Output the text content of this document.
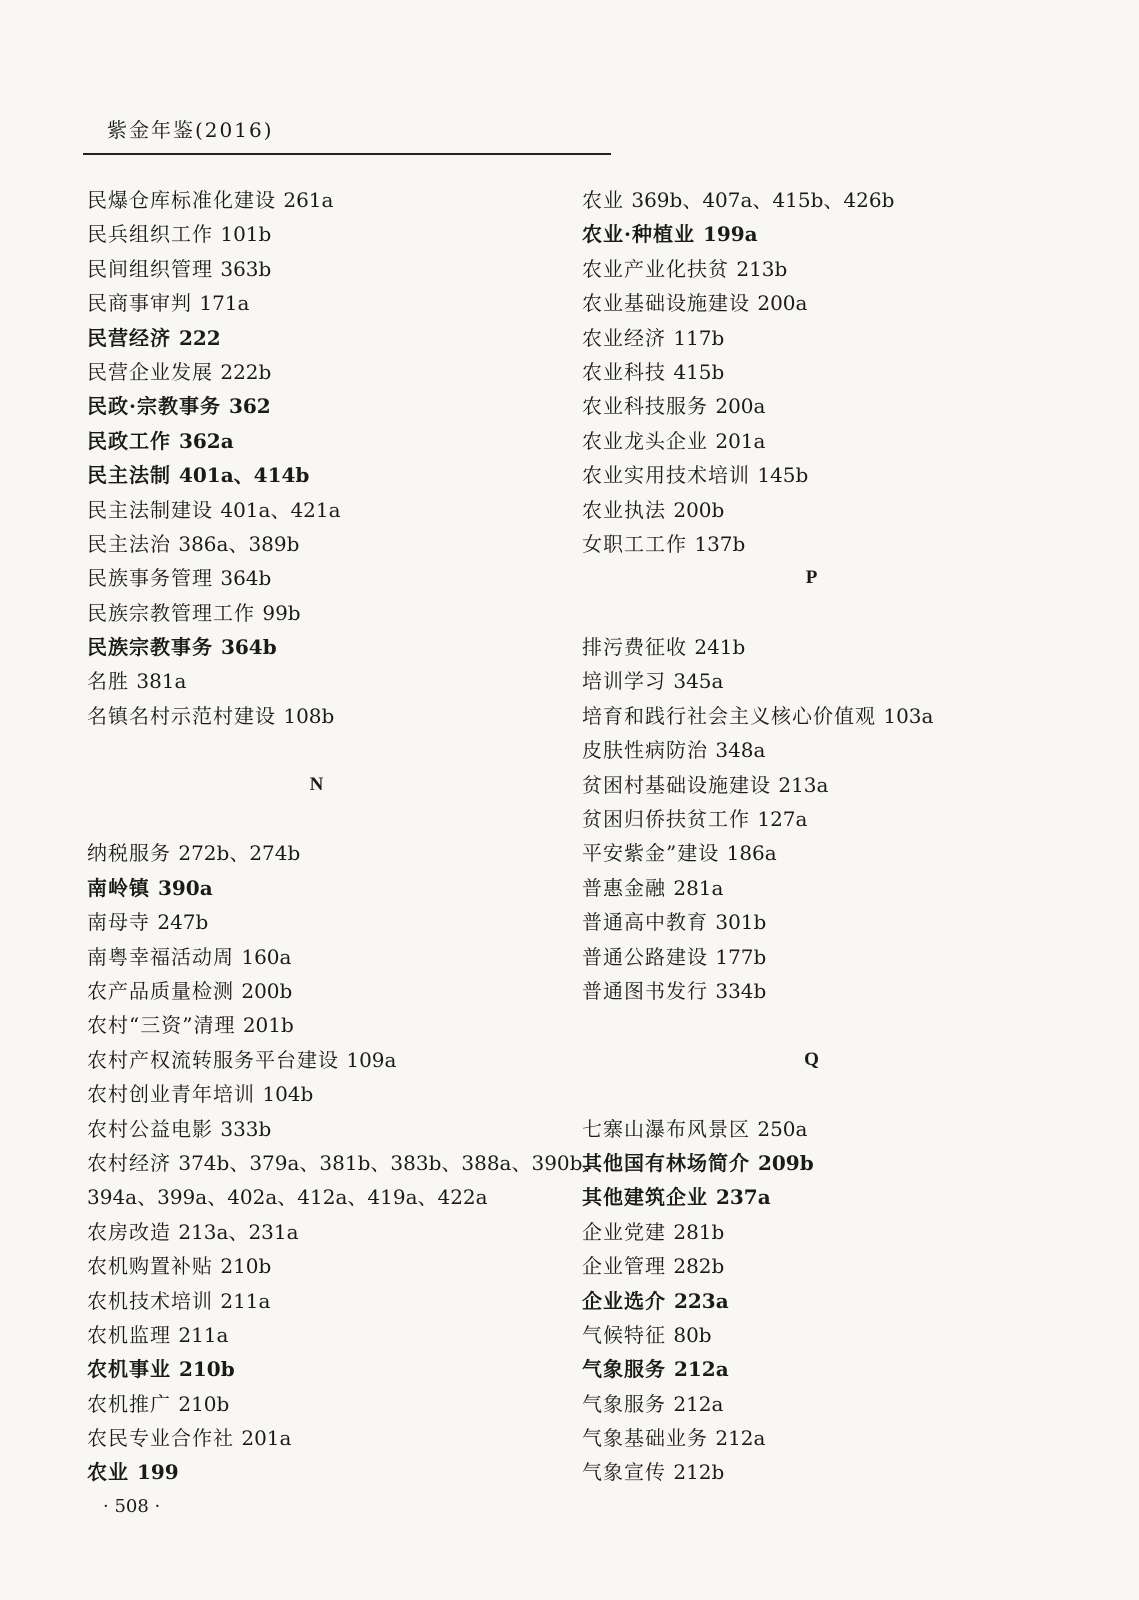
紫金年鉴(2016)
民爆仓库标准化建设 261a
民兵组织工作 101b
民间组织管理 363b
民商事审判 171a
民营经济 222
民营企业发展 222b
民政·宗教事务 362
民政工作 362a
民主法制 401a、414b
民主法制建设 401a、421a
民主法治 386a、389b
民族事务管理 364b
民族宗教管理工作 99b
民族宗教事务 364b
名胜 381a
名镇名村示范村建设 108b
N
纳税服务 272b、274b
南岭镇 390a
南母寺 247b
南粤幸福活动周 160a
农产品质量检测 200b
农村“三资”清理 201b
农村产权流转服务平台建设 109a
农村创业青年培训 104b
农村公益电影 333b
农村经济 374b、379a、381b、383b、388a、390b、
394a、399a、402a、412a、419a、422a
农房改造 213a、231a
农机购置补贴 210b
农机技术培训 211a
农机监理 211a
农机事业 210b
农机推广 210b
农民专业合作社 201a
农业 199
农业 369b、407a、415b、426b
农业·种植业 199a
农业产业化扶贫 213b
农业基础设施建设 200a
农业经济 117b
农业科技 415b
农业科技服务 200a
农业龙头企业 201a
农业实用技术培训 145b
农业执法 200b
女职工工作 137b
P
排污费征收 241b
培训学习 345a
培育和践行社会主义核心价值观 103a
皮肤性病防治 348a
贫困村基础设施建设 213a
贫困归侨扶贫工作 127a
平安紫金”建设 186a
普惠金融 281a
普通高中教育 301b
普通公路建设 177b
普通图书发行 334b
Q
七寨山瀑布风景区 250a
其他国有林场简介 209b
其他建筑企业 237a
企业党建 281b
企业管理 282b
企业选介 223a
气候特征 80b
气象服务 212a
气象服务 212a
气象基础业务 212a
气象宣传 212b
· 508 ·
